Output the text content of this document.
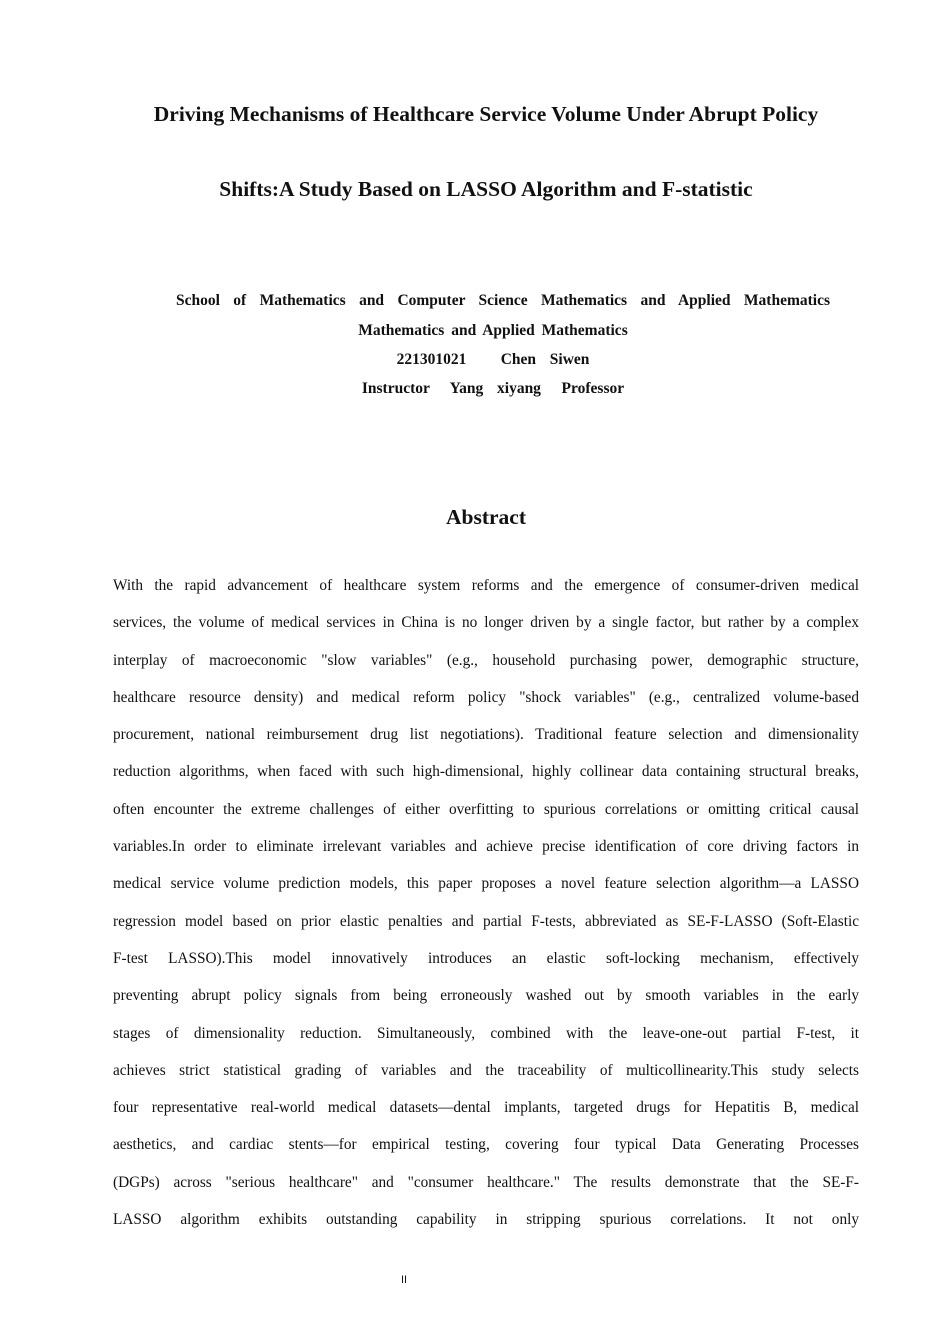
Driving Mechanisms of Healthcare Service Volume Under Abrupt Policy
Shifts:A Study Based on LASSO Algorithm and F-statistic
School of Mathematics and Computer Science Mathematics and Applied Mathematics
Mathematics and Applied Mathematics
221301021     Chen  Siwen
Instructor   Yang  xiyang   Professor
Abstract
With the rapid advancement of healthcare system reforms and the emergence of consumer-driven medical
services, the volume of medical services in China is no longer driven by a single factor, but rather by a complex
interplay of macroeconomic "slow variables" (e.g., household purchasing power, demographic structure,
healthcare resource density) and medical reform policy "shock variables" (e.g., centralized volume-based
procurement, national reimbursement drug list negotiations). Traditional feature selection and dimensionality
reduction algorithms, when faced with such high-dimensional, highly collinear data containing structural breaks,
often encounter the extreme challenges of either overfitting to spurious correlations or omitting critical causal
variables.In order to eliminate irrelevant variables and achieve precise identification of core driving factors in
medical service volume prediction models, this paper proposes a novel feature selection algorithm—a LASSO
regression model based on prior elastic penalties and partial F-tests, abbreviated as SE-F-LASSO (Soft-Elastic
F-test LASSO).This model innovatively introduces an elastic soft-locking mechanism, effectively
preventing abrupt policy signals from being erroneously washed out by smooth variables in the early
stages of dimensionality reduction. Simultaneously, combined with the leave-one-out partial F-test, it
achieves strict statistical grading of variables and the traceability of multicollinearity.This study selects
four representative real-world medical datasets—dental implants, targeted drugs for Hepatitis B, medical
aesthetics, and cardiac stents—for empirical testing, covering four typical Data Generating Processes
(DGPs) across "serious healthcare" and "consumer healthcare." The results demonstrate that the SE-F-
LASSO algorithm exhibits outstanding capability in stripping spurious correlations. It not only
II
